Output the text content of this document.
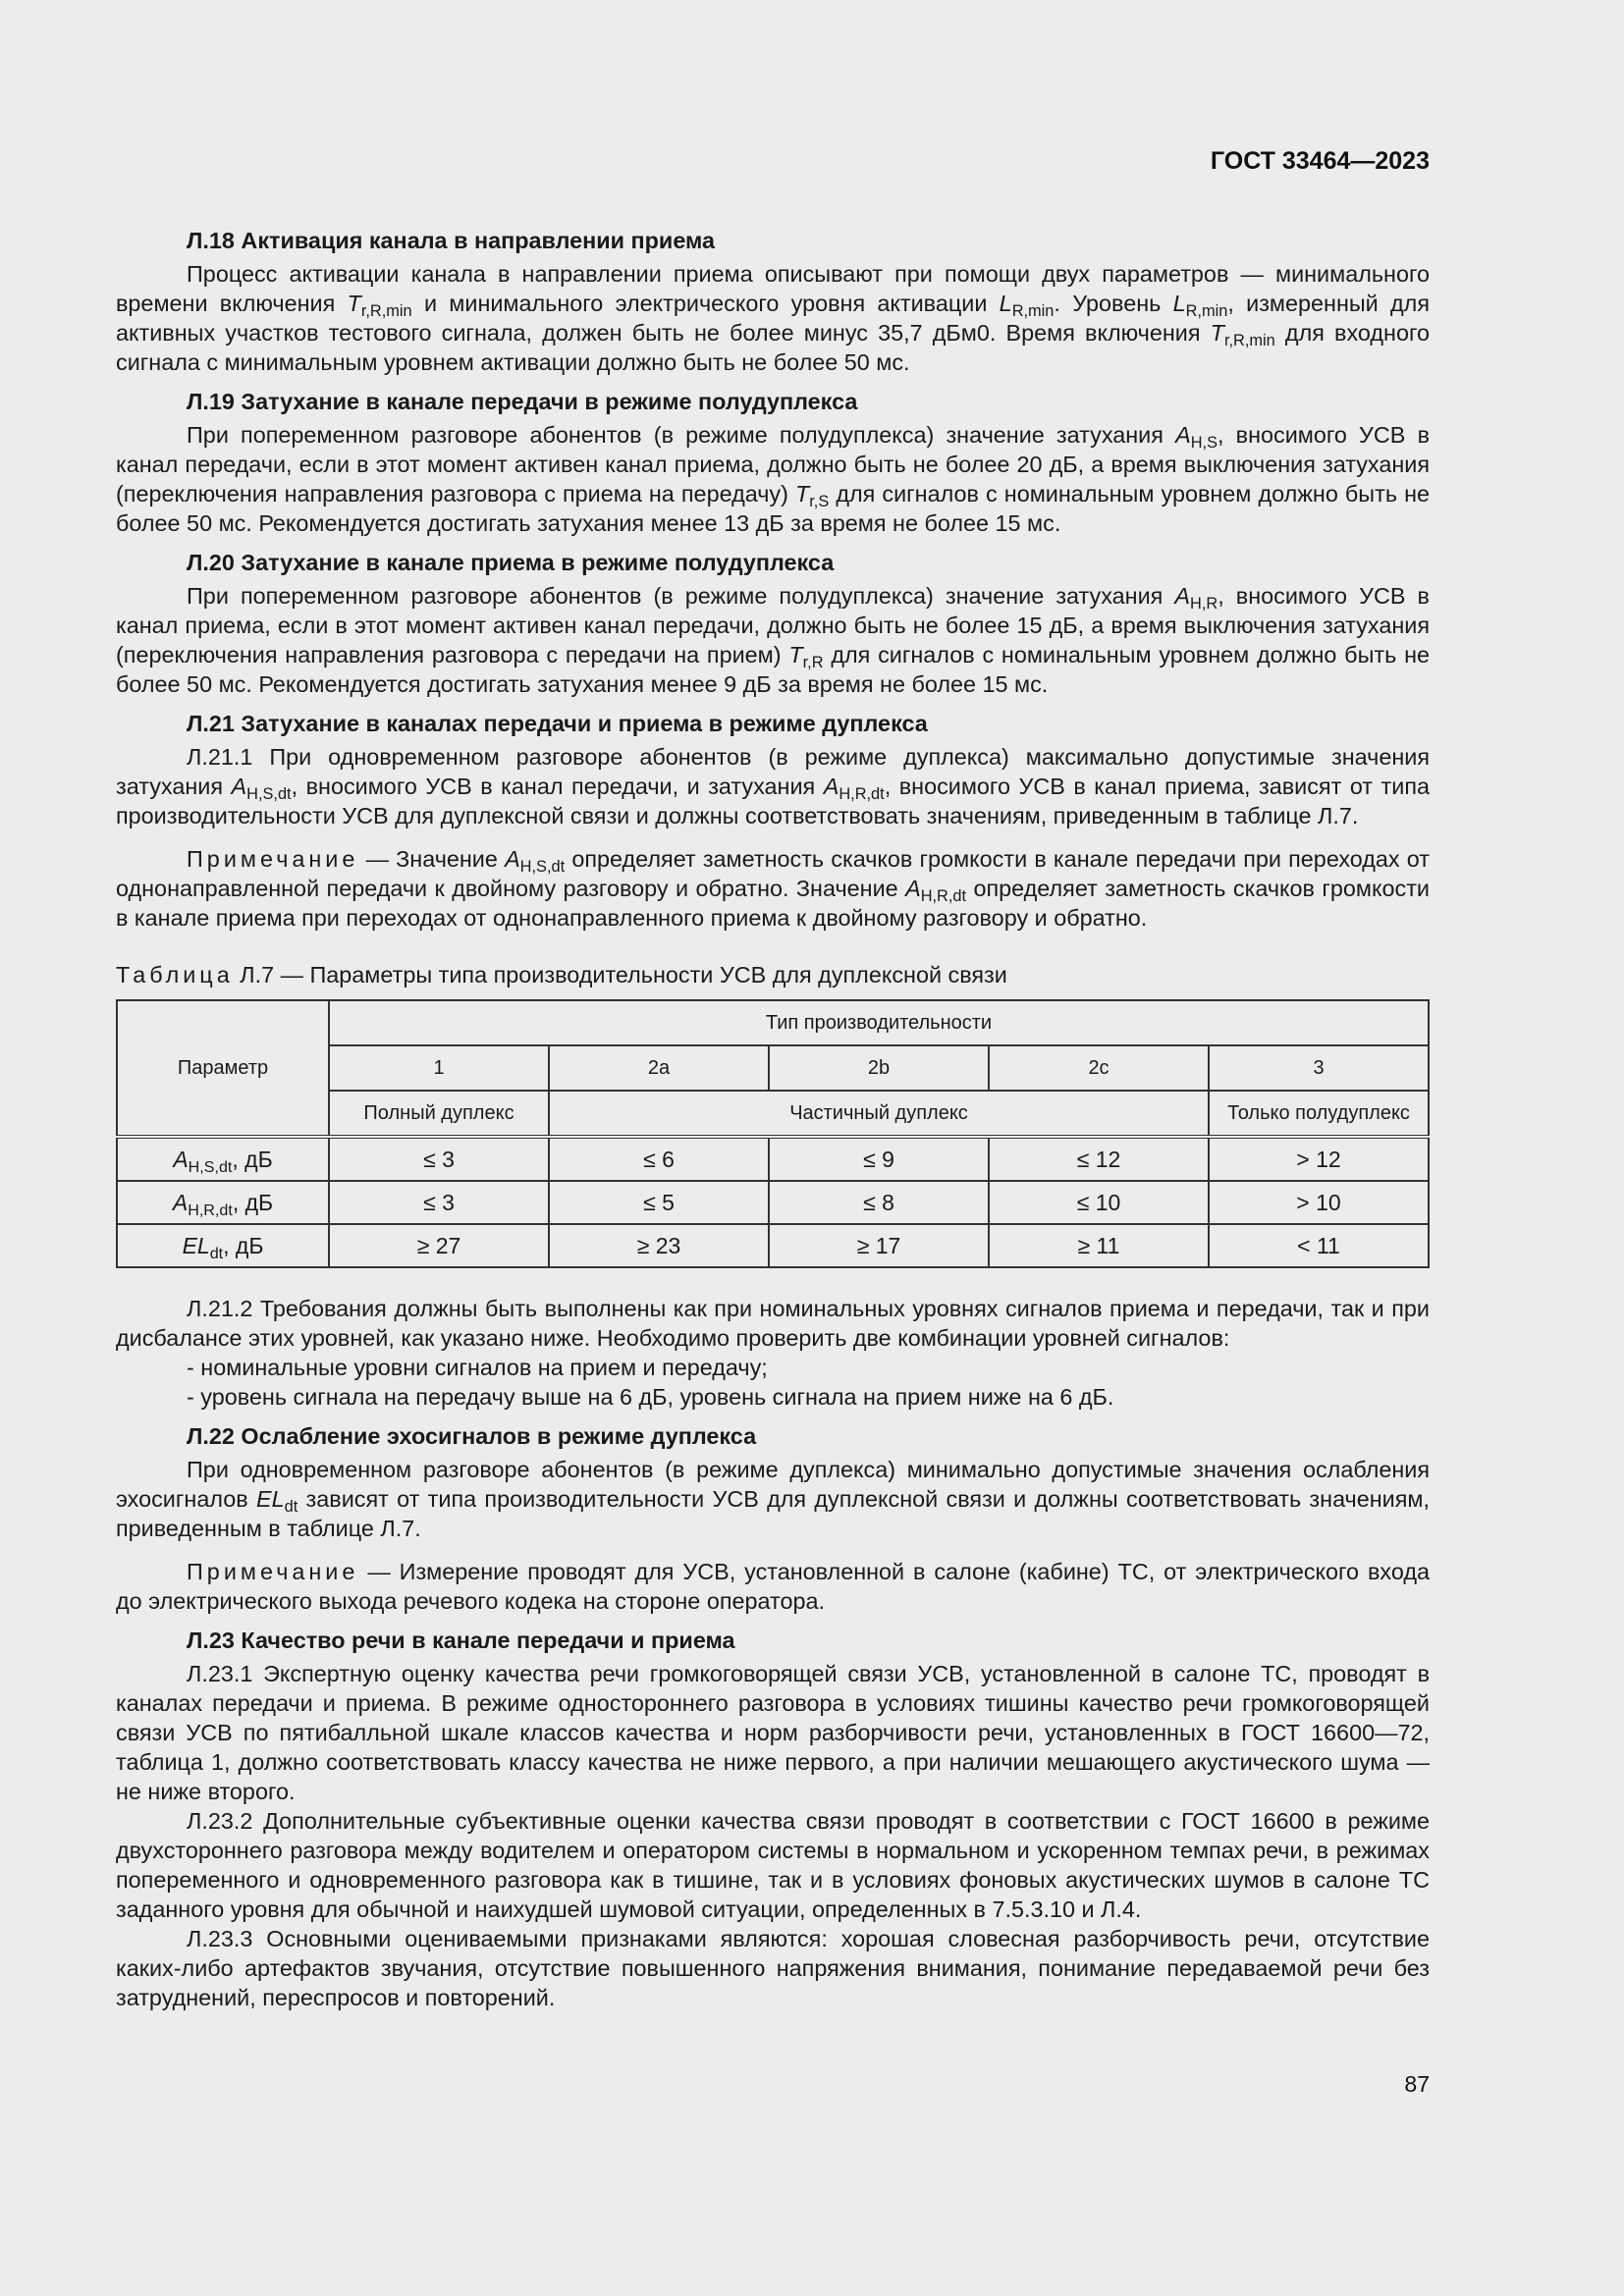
ГОСТ 33464—2023

Л.18 Активация канала в направлении приема

Процесс активации канала в направлении приема описывают при помощи двух параметров — минимального времени включения $T_{r,R,min}$ и минимального электрического уровня активации $L_{R,min}$. Уровень $L_{R,min}$, измеренный для активных участков тестового сигнала, должен быть не более минус 35,7 дБм0. Время включения $T_{r,R,min}$ для входного сигнала с минимальным уровнем активации должно быть не более 50 мс.

Л.19 Затухание в канале передачи в режиме полудуплекса

При попеременном разговоре абонентов (в режиме полудуплекса) значение затухания $A_{H,S}$, вносимого УСВ в канал передачи, если в этот момент активен канал приема, должно быть не более 20 дБ, а время выключения затухания (переключения направления разговора с приема на передачу) $T_{r,S}$ для сигналов с номинальным уровнем должно быть не более 50 мс. Рекомендуется достигать затухания менее 13 дБ за время не более 15 мс.

Л.20 Затухание в канале приема в режиме полудуплекса

При попеременном разговоре абонентов (в режиме полудуплекса) значение затухания $A_{H,R}$, вносимого УСВ в канал приема, если в этот момент активен канал передачи, должно быть не более 15 дБ, а время выключения затухания (переключения направления разговора с передачи на прием) $T_{r,R}$ для сигналов с номинальным уровнем должно быть не более 50 мс. Рекомендуется достигать затухания менее 9 дБ за время не более 15 мс.

Л.21 Затухание в каналах передачи и приема в режиме дуплекса

Л.21.1 При одновременном разговоре абонентов (в режиме дуплекса) максимально допустимые значения затухания $A_{H,S,dt}$, вносимого УСВ в канал передачи, и затухания $A_{H,R,dt}$, вносимого УСВ в канал приема, зависят от типа производительности УСВ для дуплексной связи и должны соответствовать значениям, приведенным в таблице Л.7.

Примечание — Значение $A_{H,S,dt}$ определяет заметность скачков громкости в канале передачи при переходах от однонаправленной передачи к двойному разговору и обратно. Значение $A_{H,R,dt}$ определяет заметность скачков громкости в канале приема при переходах от однонаправленного приема к двойному разговору и обратно.

Таблица Л.7 — Параметры типа производительности УСВ для дуплексной связи

Параметр	Тип производительности				
	1	2a	2b	2c	3
	Полный дуплекс	Частичный дуплекс			Только полудуплекс
$A_{H,S,dt}$, дБ	≤ 3	≤ 6	≤ 9	≤ 12	> 12
$A_{H,R,dt}$, дБ	≤ 3	≤ 5	≤ 8	≤ 10	> 10
$EL_{dt}$, дБ	≥ 27	≥ 23	≥ 17	≥ 11	< 11

Л.21.2 Требования должны быть выполнены как при номинальных уровнях сигналов приема и передачи, так и при дисбалансе этих уровней, как указано ниже. Необходимо проверить две комбинации уровней сигналов:

- номинальные уровни сигналов на прием и передачу;
- уровень сигнала на передачу выше на 6 дБ, уровень сигнала на прием ниже на 6 дБ.

Л.22 Ослабление эхосигналов в режиме дуплекса

При одновременном разговоре абонентов (в режиме дуплекса) минимально допустимые значения ослабления эхосигналов $EL_{dt}$ зависят от типа производительности УСВ для дуплексной связи и должны соответствовать значениям, приведенным в таблице Л.7.

Примечание — Измерение проводят для УСВ, установленной в салоне (кабине) ТС, от электрического входа до электрического выхода речевого кодека на стороне оператора.

Л.23 Качество речи в канале передачи и приема

Л.23.1 Экспертную оценку качества речи громкоговорящей связи УСВ, установленной в салоне ТС, проводят в каналах передачи и приема. В режиме одностороннего разговора в условиях тишины качество речи громкоговорящей связи УСВ по пятибалльной шкале классов качества и норм разборчивости речи, установленных в ГОСТ 16600—72, таблица 1, должно соответствовать классу качества не ниже первого, а при наличии мешающего акустического шума — не ниже второго.

Л.23.2 Дополнительные субъективные оценки качества связи проводят в соответствии с ГОСТ 16600 в режиме двухстороннего разговора между водителем и оператором системы в нормальном и ускоренном темпах речи, в режимах попеременного и одновременного разговора как в тишине, так и в условиях фоновых акустических шумов в салоне ТС заданного уровня для обычной и наихудшей шумовой ситуации, определенных в 7.5.3.10 и Л.4.

Л.23.3 Основными оцениваемыми признаками являются: хорошая словесная разборчивость речи, отсутствие каких-либо артефактов звучания, отсутствие повышенного напряжения внимания, понимание передаваемой речи без затруднений, переспросов и повторений.

87
